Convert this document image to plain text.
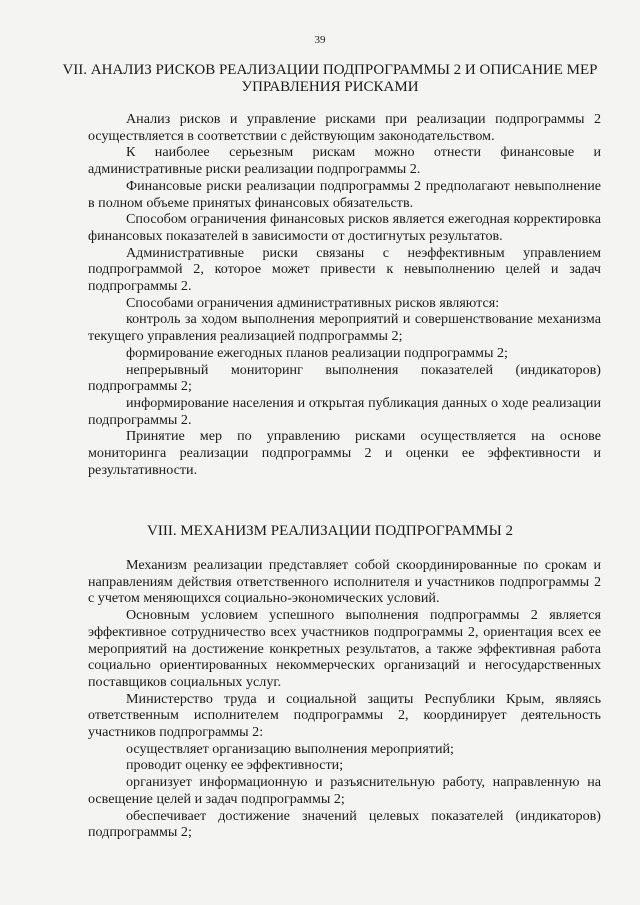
39
VII. АНАЛИЗ РИСКОВ РЕАЛИЗАЦИИ ПОДПРОГРАММЫ 2 И ОПИСАНИЕ МЕР УПРАВЛЕНИЯ РИСКАМИ

Анализ рисков и управление рисками при реализации подпрограммы 2 осуществляется в соответствии с действующим законодательством.

К наиболее серьезным рискам можно отнести финансовые и административные риски реализации подпрограммы 2.

Финансовые риски реализации подпрограммы 2 предполагают невыполнение в полном объеме принятых финансовых обязательств.

Способом ограничения финансовых рисков является ежегодная корректировка финансовых показателей в зависимости от достигнутых результатов.

Административные риски связаны с неэффективным управлением подпрограммой 2, которое может привести к невыполнению целей и задач подпрограммы 2.

Способами ограничения административных рисков являются:

контроль за ходом выполнения мероприятий и совершенствование механизма текущего управления реализацией подпрограммы 2;

формирование ежегодных планов реализации подпрограммы 2;

непрерывный мониторинг выполнения показателей (индикаторов) подпрограммы 2;

информирование населения и открытая публикация данных о ходе реализации подпрограммы 2.

Принятие мер по управлению рисками осуществляется на основе мониторинга реализации подпрограммы 2 и оценки ее эффективности и результативности.

VIII. МЕХАНИЗМ РЕАЛИЗАЦИИ ПОДПРОГРАММЫ 2

Механизм реализации представляет собой скоординированные по срокам и направлениям действия ответственного исполнителя и участников подпрограммы 2 с учетом меняющихся социально-экономических условий.

Основным условием успешного выполнения подпрограммы 2 является эффективное сотрудничество всех участников подпрограммы 2, ориентация всех ее мероприятий на достижение конкретных результатов, а также эффективная работа социально ориентированных некоммерческих организаций и негосударственных поставщиков социальных услуг.

Министерство труда и социальной защиты Республики Крым, являясь ответственным исполнителем подпрограммы 2, координирует деятельность участников подпрограммы 2:

осуществляет организацию выполнения мероприятий;

проводит оценку ее эффективности;

организует информационную и разъяснительную работу, направленную на освещение целей и задач подпрограммы 2;

обеспечивает достижение значений целевых показателей (индикаторов) подпрограммы 2;
